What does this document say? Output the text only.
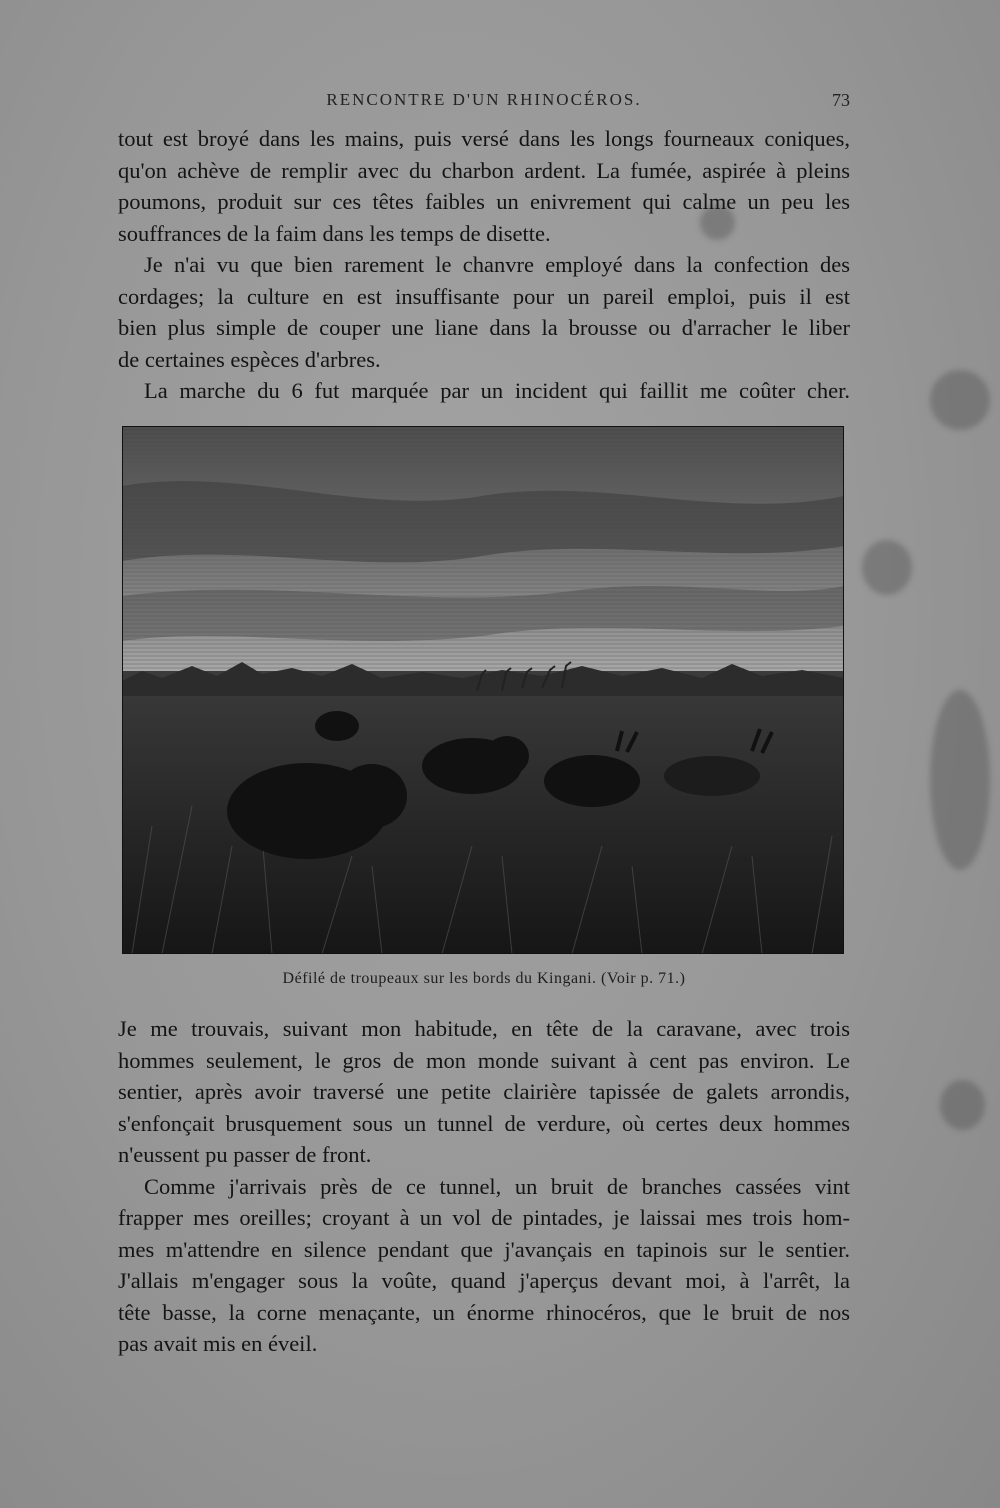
RENCONTRE D'UN RHINOCÉROS.	73
tout est broyé dans les mains, puis versé dans les longs fourneaux coniques,
qu'on achève de remplir avec du charbon ardent. La fumée, aspirée à pleins
poumons, produit sur ces têtes faibles un enivrement qui calme un peu les
souffrances de la faim dans les temps de disette.
Je n'ai vu que bien rarement le chanvre employé dans la confection des
cordages; la culture en est insuffisante pour un pareil emploi, puis il est
bien plus simple de couper une liane dans la brousse ou d'arracher le liber
de certaines espèces d'arbres.
La marche du 6 fut marquée par un incident qui faillit me coûter cher.
Défilé de troupeaux sur les bords du Kingani. (Voir p. 71.)
Je me trouvais, suivant mon habitude, en tête de la caravane, avec trois
hommes seulement, le gros de mon monde suivant à cent pas environ. Le
sentier, après avoir traversé une petite clairière tapissée de galets arrondis,
s'enfonçait brusquement sous un tunnel de verdure, où certes deux hommes
n'eussent pu passer de front.
Comme j'arrivais près de ce tunnel, un bruit de branches cassées vint
frapper mes oreilles; croyant à un vol de pintades, je laissai mes trois hom-
mes m'attendre en silence pendant que j'avançais en tapinois sur le sentier.
J'allais m'engager sous la voûte, quand j'aperçus devant moi, à l'arrêt, la
tête basse, la corne menaçante, un énorme rhinocéros, que le bruit de nos
pas avait mis en éveil.
